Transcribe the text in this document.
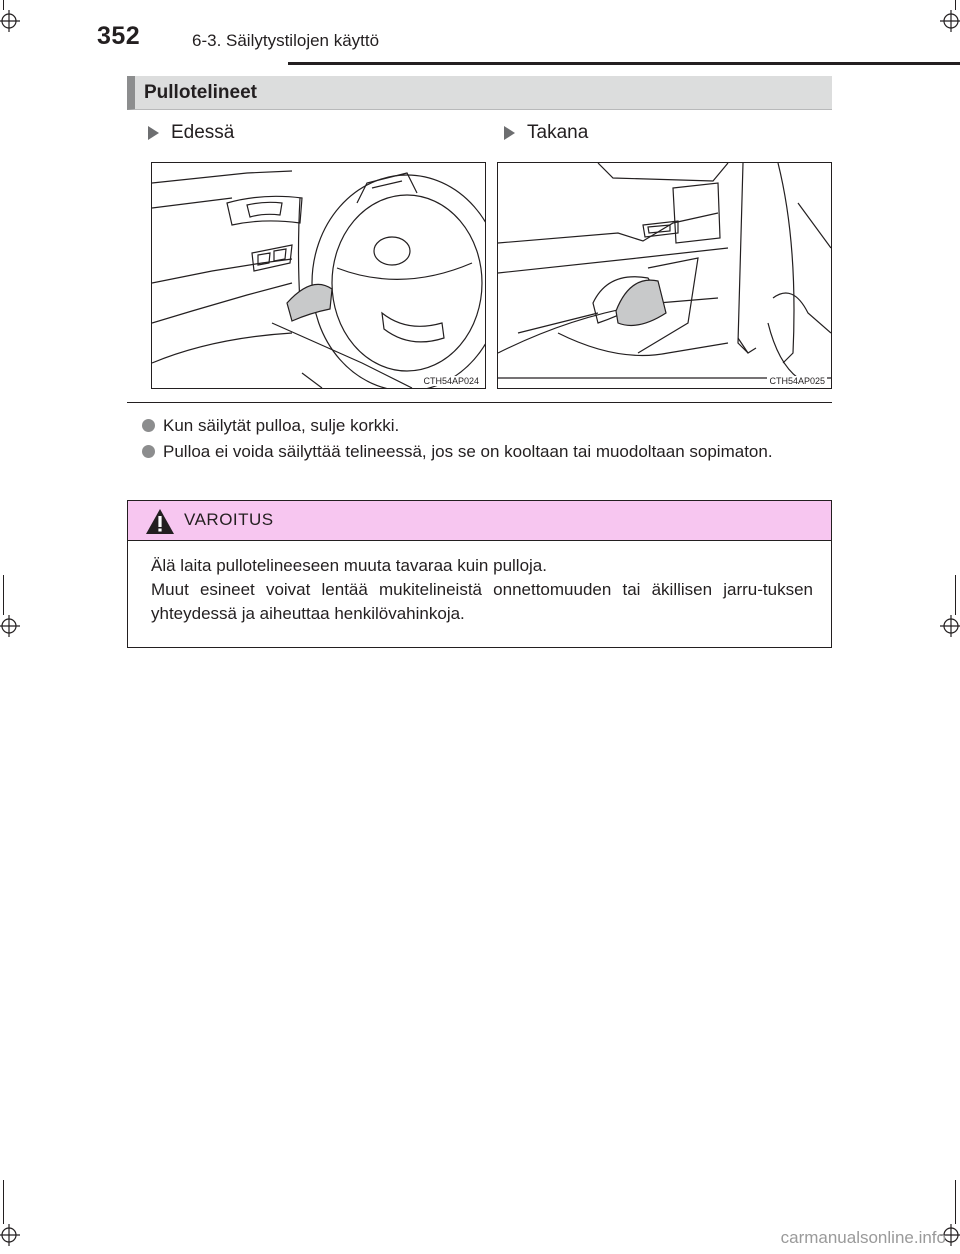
352	6-3. Säilytystilojen käyttö
Pullotelineet
Edessä	Takana
CTH54AP024	CTH54AP025
Kun säilytät pulloa, sulje korkki.
Pulloa ei voida säilyttää telineessä, jos se on kooltaan tai muodoltaan sopimaton.
VAROITUS
Älä laita pullotelineeseen muuta tavaraa kuin pulloja.
Muut esineet voivat lentää mukitelineistä onnettomuuden tai äkillisen jarru-tuksen yhteydessä ja aiheuttaa henkilövahinkoja.
carmanualsonline.info
